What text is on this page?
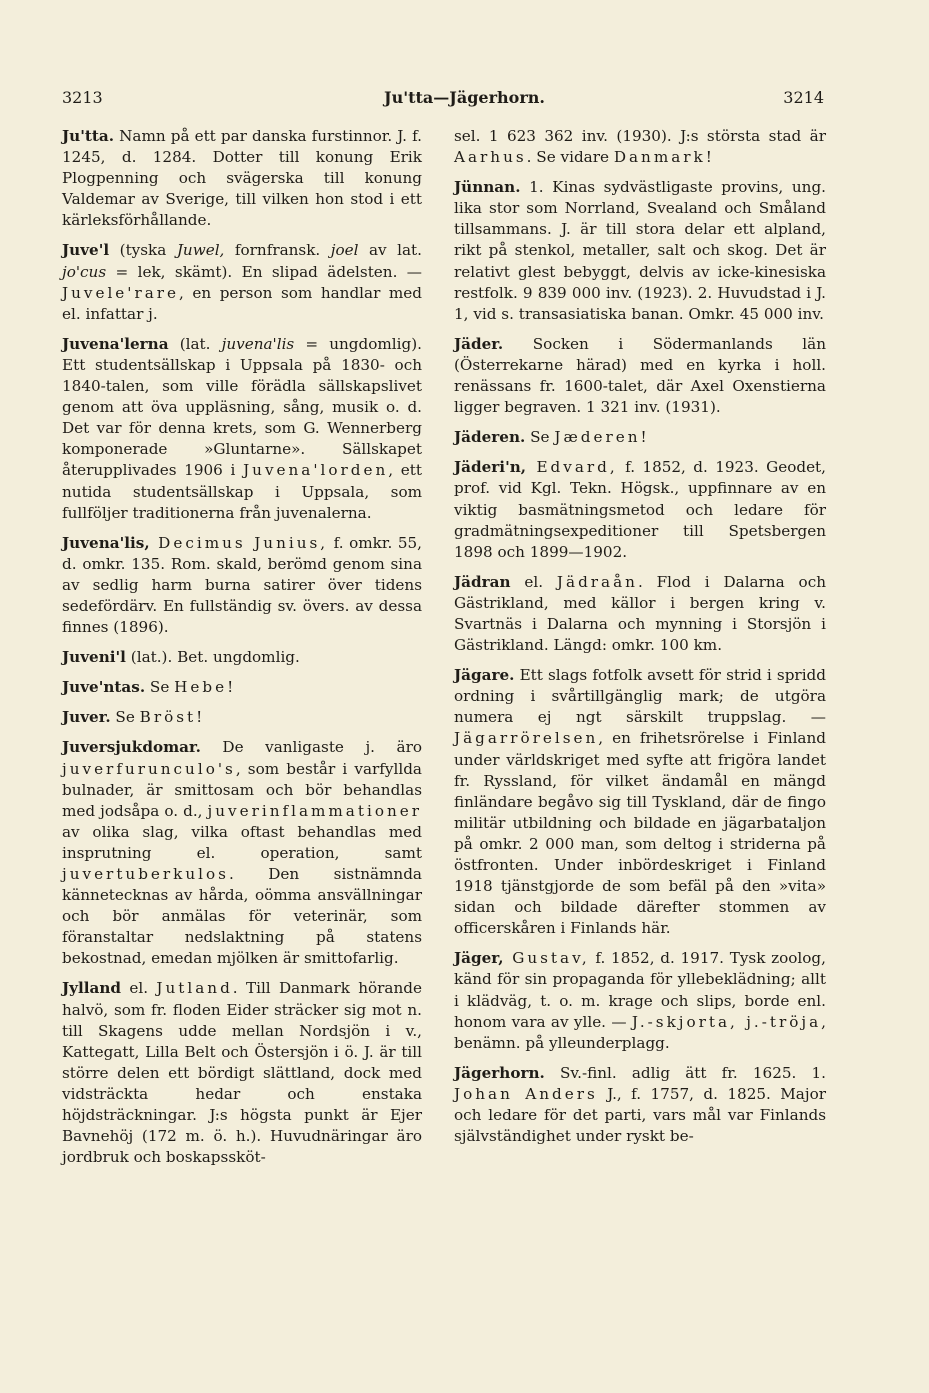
3213	Ju'tta—Jägerhorn.	3214

Ju'tta. Namn på ett par danska furstinnor. J. f. 1245, d. 1284. Dotter till konung Erik Plogpenning och svägerska till konung Valdemar av Sverige, till vilken hon stod i ett kärleksförhållande.

Juve'l (tyska Juwel, fornfransk. joel av lat. jo'cus = lek, skämt). En slipad ädelsten. — Juvele'rare, en person som handlar med el. infattar j.

Juvena'lerna (lat. juvena'lis = ungdomlig). Ett studentsällskap i Uppsala på 1830- och 1840-talen, som ville förädla sällskapslivet genom att öva uppläsning, sång, musik o. d. Det var för denna krets, som G. Wennerberg komponerade »Gluntarne». Sällskapet återupplivades 1906 i Juvena'lorden, ett nutida studentsällskap i Uppsala, som fullföljer traditionerna från juvenalerna.

Juvena'lis, Decimus Junius, f. omkr. 55, d. omkr. 135. Rom. skald, berömd genom sina av sedlig harm burna satirer över tidens sedefördärv. En fullständig sv. övers. av dessa finnes (1896).

Juveni'l (lat.). Bet. ungdomlig.

Juve'ntas. Se Hebe!

Juver. Se Bröst!

Juversjukdomar. De vanligaste j. äro juverfurunculo's, som består i varfyllda bulnader, är smittosam och bör behandlas med jodsåpa o. d., juverinflammationer av olika slag, vilka oftast behandlas med insprutning el. operation, samt juvertuberkulos. Den sistnämnda kännetecknas av hårda, oömma ansvällningar och bör anmälas för veterinär, som föranstaltar nedslaktning på statens bekostnad, emedan mjölken är smittofarlig.

Jylland el. Jutland. Till Danmark hörande halvö, som fr. floden Eider sträcker sig mot n. till Skagens udde mellan Nordsjön i v., Kattegatt, Lilla Belt och Östersjön i ö. J. är till större delen ett bördigt slättland, dock med vidsträckta hedar och enstaka höjdsträckningar. J:s högsta punkt är Ejer Bavnehöj (172 m. ö. h.). Huvudnäringar äro jordbruk och boskapssköt-

sel. 1 623 362 inv. (1930). J:s största stad är Aarhus. Se vidare Danmark!

Jünnan. 1. Kinas sydvästligaste provins, ung. lika stor som Norrland, Svealand och Småland tillsammans. J. är till stora delar ett alpland, rikt på stenkol, metaller, salt och skog. Det är relativt glest bebyggt, delvis av icke-kinesiska restfolk. 9 839 000 inv. (1923). 2. Huvudstad i J. 1, vid s. transasiatiska banan. Omkr. 45 000 inv.

Jäder. Socken i Södermanlands län (Österrekarne härad) med en kyrka i holl. renässans fr. 1600-talet, där Axel Oxenstierna ligger begraven. 1 321 inv. (1931).

Jäderen. Se Jæderen!

Jäderi'n, Edvard, f. 1852, d. 1923. Geodet, prof. vid Kgl. Tekn. Högsk., uppfinnare av en viktig basmätningsmetod och ledare för gradmätningsexpeditioner till Spetsbergen 1898 och 1899—1902.

Jädran el. Jädraån. Flod i Dalarna och Gästrikland, med källor i bergen kring v. Svartnäs i Dalarna och mynning i Storsjön i Gästrikland. Längd: omkr. 100 km.

Jägare. Ett slags fotfolk avsett för strid i spridd ordning i svårtillgänglig mark; de utgöra numera ej ngt särskilt truppslag. — Jägarrörelsen, en frihetsrörelse i Finland under världskriget med syfte att frigöra landet fr. Ryssland, för vilket ändamål en mängd finländare begåvo sig till Tyskland, där de fingo militär utbildning och bildade en jägarbataljon på omkr. 2 000 man, som deltog i striderna på östfronten. Under inbördeskriget i Finland 1918 tjänstgjorde de som befäl på den »vita» sidan och bildade därefter stommen av officerskåren i Finlands här.

Jäger, Gustav, f. 1852, d. 1917. Tysk zoolog, känd för sin propaganda för yllebeklädning; allt i klädväg, t. o. m. krage och slips, borde enl. honom vara av ylle. — J.-skjorta, j.-tröja, benämn. på ylleunderplagg.

Jägerhorn. Sv.-finl. adlig ätt fr. 1625. 1. Johan Anders J., f. 1757, d. 1825. Major och ledare för det parti, vars mål var Finlands självständighet under ryskt be-
